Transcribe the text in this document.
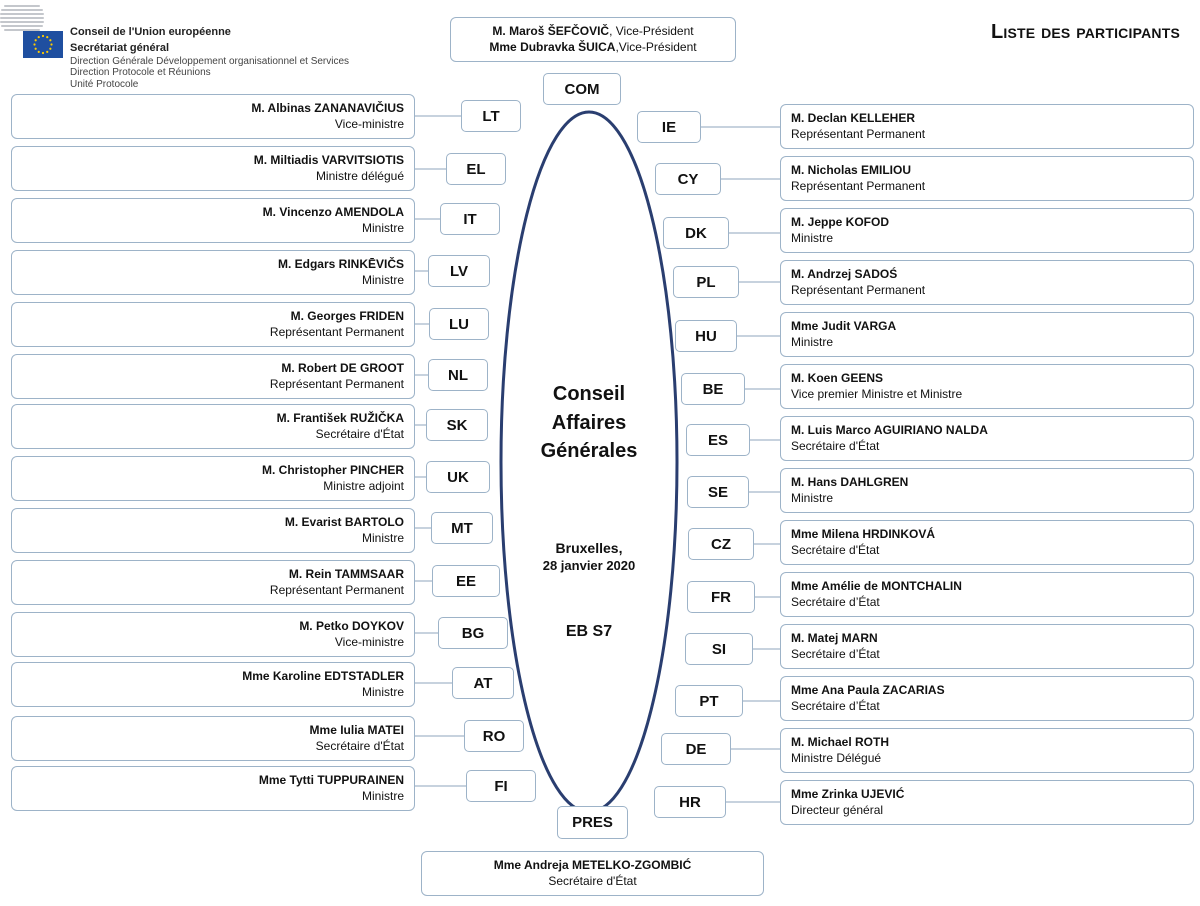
Conseil de l'Union européenne
Secrétariat général
Direction Générale Développement organisationnel et Services
Direction Protocole et Réunions
Unité Protocole
Liste des participants
M. Maroš ŠEFČOVIČ, Vice-Président
Mme Dubravka ŠUICA,Vice-Président
COM
Conseil
Affaires
Générales
Bruxelles,
28 janvier 2020
EB S7
PRES
Mme Andreja METELKO-ZGOMBIĆ
Secrétaire d'État
M. Albinas ZANANAVIČIUS
Vice-ministre	LT
M. Miltiadis VARVITSIOTIS
Ministre délégué	EL
M. Vincenzo AMENDOLA
Ministre	IT
M. Edgars RINKĒVIČS
Ministre	LV
M. Georges FRIDEN
Représentant Permanent	LU
M. Robert DE GROOT
Représentant Permanent	NL
M. František RUŽIČKA
Secrétaire d'État	SK
M. Christopher PINCHER
Ministre adjoint	UK
M. Evarist BARTOLO
Ministre
MT
M. Rein TAMMSAAR
Représentant Permanent	EE
M. Petko DOYKOV
Vice-ministre	BG
Mme Karoline EDTSTADLER
Ministre	AT
Mme Iulia MATEI
Secrétaire d'État
RO
Mme Tytti TUPPURAINEN
Ministre
FI
M. Declan KELLEHER
Représentant Permanent
IE
M. Nicholas EMILIOU
Représentant Permanent
CY
M. Jeppe KOFOD
Ministre
DK
M. Andrzej SADOŚ
Représentant Permanent
PL
Mme Judit VARGA
Ministre
HU
M. Koen GEENS
Vice premier Ministre et Ministre
BE
M. Luis Marco AGUIRIANO NALDA
Secrétaire d'État
ES
M. Hans DAHLGREN
Ministre
SE
Mme Milena HRDINKOVÁ
Secrétaire d'État
CZ
Mme Amélie de MONTCHALIN
Secrétaire d’État
FR
M. Matej MARN
Secrétaire d’État
SI
Mme Ana Paula ZACARIAS
Secrétaire d’État
PT
M. Michael ROTH
Ministre Délégué
DE
Mme Zrinka UJEVIĆ
Directeur général
HR
